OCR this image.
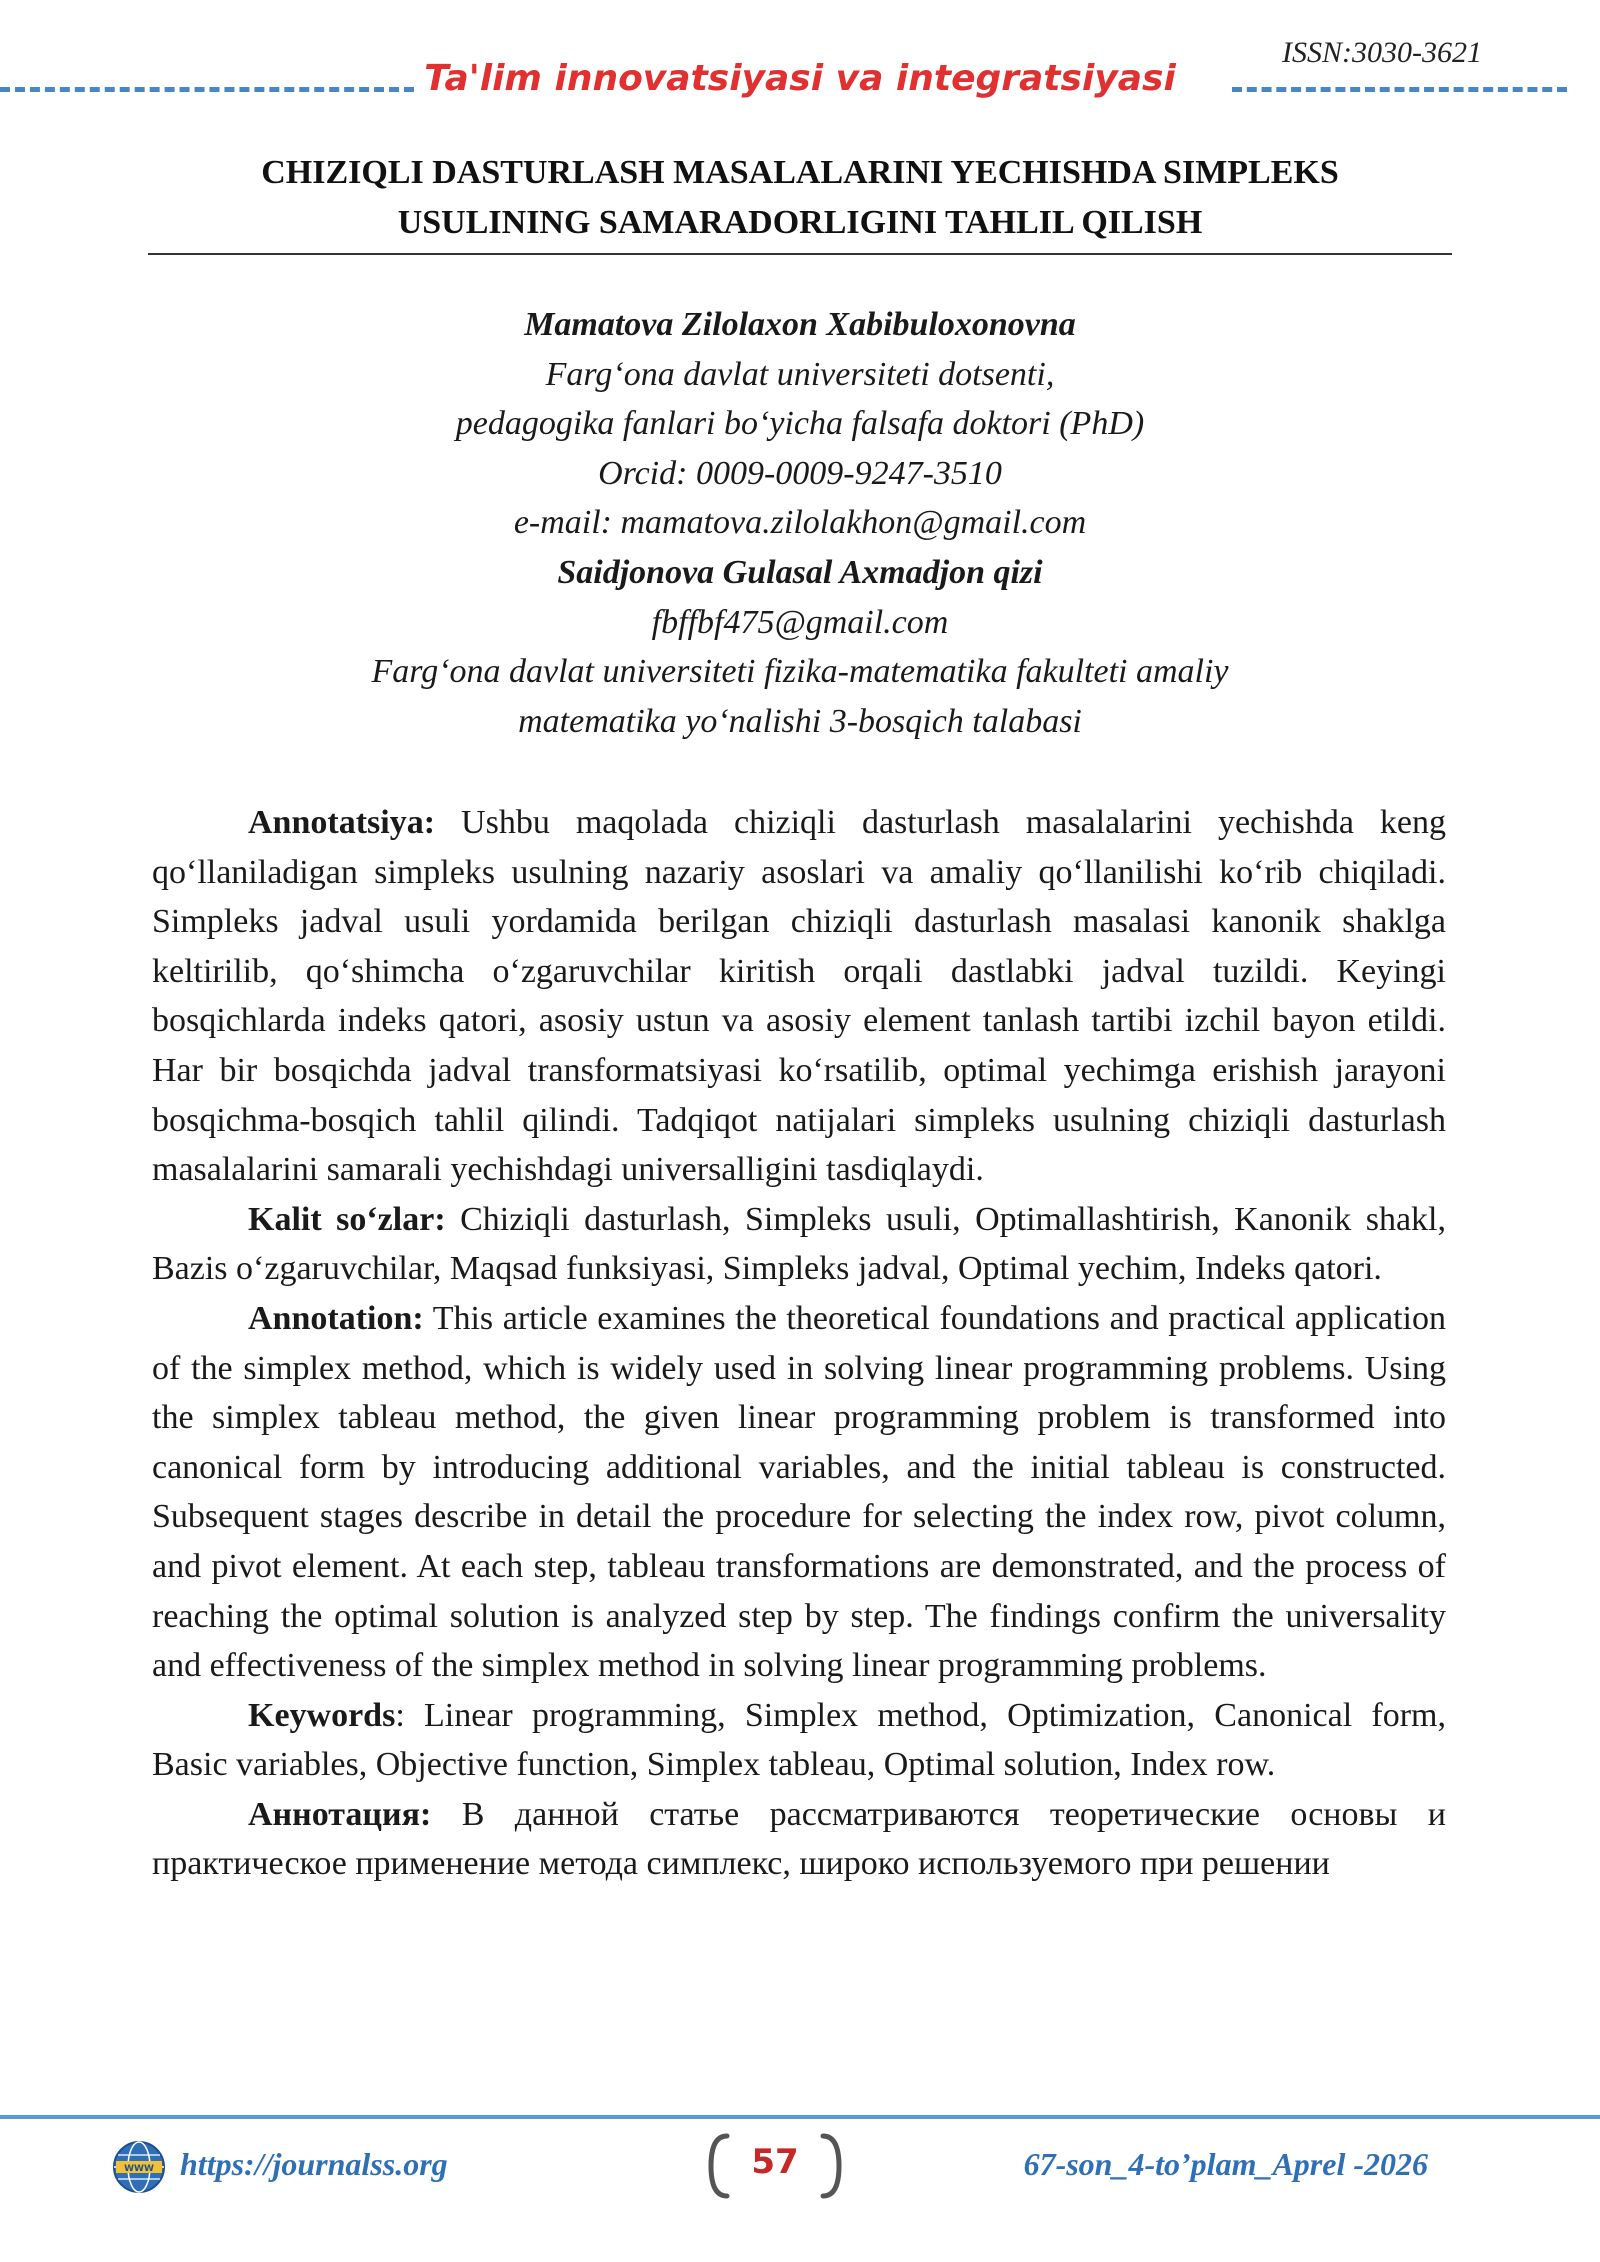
ISSN:3030-3621
Ta'lim innovatsiyasi va integratsiyasi
CHIZIQLI DASTURLASH MASALALARINI YECHISHDA SIMPLEKS
USULINING SAMARADORLIGINI TAHLIL QILISH
Mamatova Zilolaxon Xabibuloxonovna
Farg‘ona davlat universiteti dotsenti,
pedagogika fanlari bo‘yicha falsafa doktori (PhD)
Orcid: 0009-0009-9247-3510
e-mail: mamatova.zilolakhon@gmail.com
Saidjonova Gulasal Axmadjon qizi
fbffbf475@gmail.com
Farg‘ona davlat universiteti fizika-matematika fakulteti amaliy
matematika yo‘nalishi 3-bosqich talabasi

Annotatsiya: Ushbu maqolada chiziqli dasturlash masalalarini yechishda keng qo‘llaniladigan simpleks usulning nazariy asoslari va amaliy qo‘llanilishi ko‘rib chiqiladi. Simpleks jadval usuli yordamida berilgan chiziqli dasturlash masalasi kanonik shaklga keltirilib, qo‘shimcha o‘zgaruvchilar kiritish orqali dastlabki jadval tuzildi. Keyingi bosqichlarda indeks qatori, asosiy ustun va asosiy element tanlash tartibi izchil bayon etildi. Har bir bosqichda jadval transformatsiyasi ko‘rsatilib, optimal yechimga erishish jarayoni bosqichma-bosqich tahlil qilindi. Tadqiqot natijalari simpleks usulning chiziqli dasturlash masalalarini samarali yechishdagi universalligini tasdiqlaydi.

Kalit so‘zlar: Chiziqli dasturlash, Simpleks usuli, Optimallashtirish, Kanonik shakl, Bazis o‘zgaruvchilar, Maqsad funksiyasi, Simpleks jadval, Optimal yechim, Indeks qatori.

Annotation: This article examines the theoretical foundations and practical application of the simplex method, which is widely used in solving linear programming problems. Using the simplex tableau method, the given linear programming problem is transformed into canonical form by introducing additional variables, and the initial tableau is constructed. Subsequent stages describe in detail the procedure for selecting the index row, pivot column, and pivot element. At each step, tableau transformations are demonstrated, and the process of reaching the optimal solution is analyzed step by step. The findings confirm the universality and effectiveness of the simplex method in solving linear programming problems.

Keywords: Linear programming, Simplex method, Optimization, Canonical form, Basic variables, Objective function, Simplex tableau, Optimal solution, Index row.

Аннотация: В данной статье рассматриваются теоретические основы и практическое применение метода симплекс, широко используемого при решении

WWW https://journalss.org	57	67-son_4-to’plam_Aprel -2026
